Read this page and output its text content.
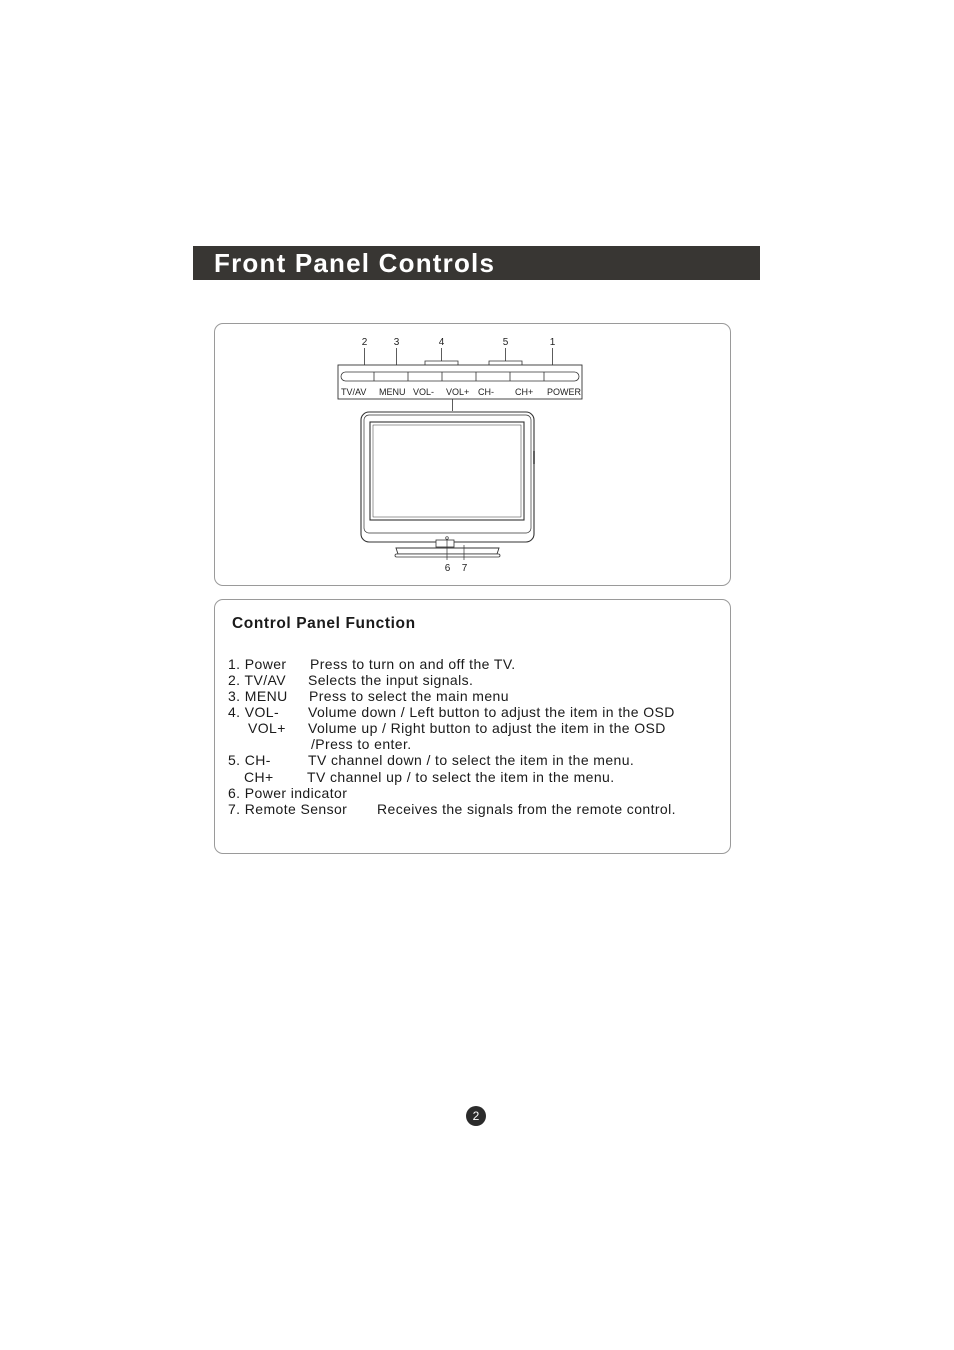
Front Panel Controls
2	3	4	5	1
TV/AV MENU VOL- VOL+ CH- CH+ POWER
6 7
Control Panel Function
1. Power Press to turn on and off the TV.
2. TV/AV Selects the input signals.
3. MENU Press to select the main menu
4. VOL- Volume down / Left button to adjust the item in the OSD
VOL+ Volume up / Right button to adjust the item in the OSD
/Press to enter.
5. CH-	TV channel down / to select the item in the menu.
CH+ TV channel up / to select the item in the menu.
6. Power indicator
7. Remote Sensor Receives the signals from the remote control.
2
